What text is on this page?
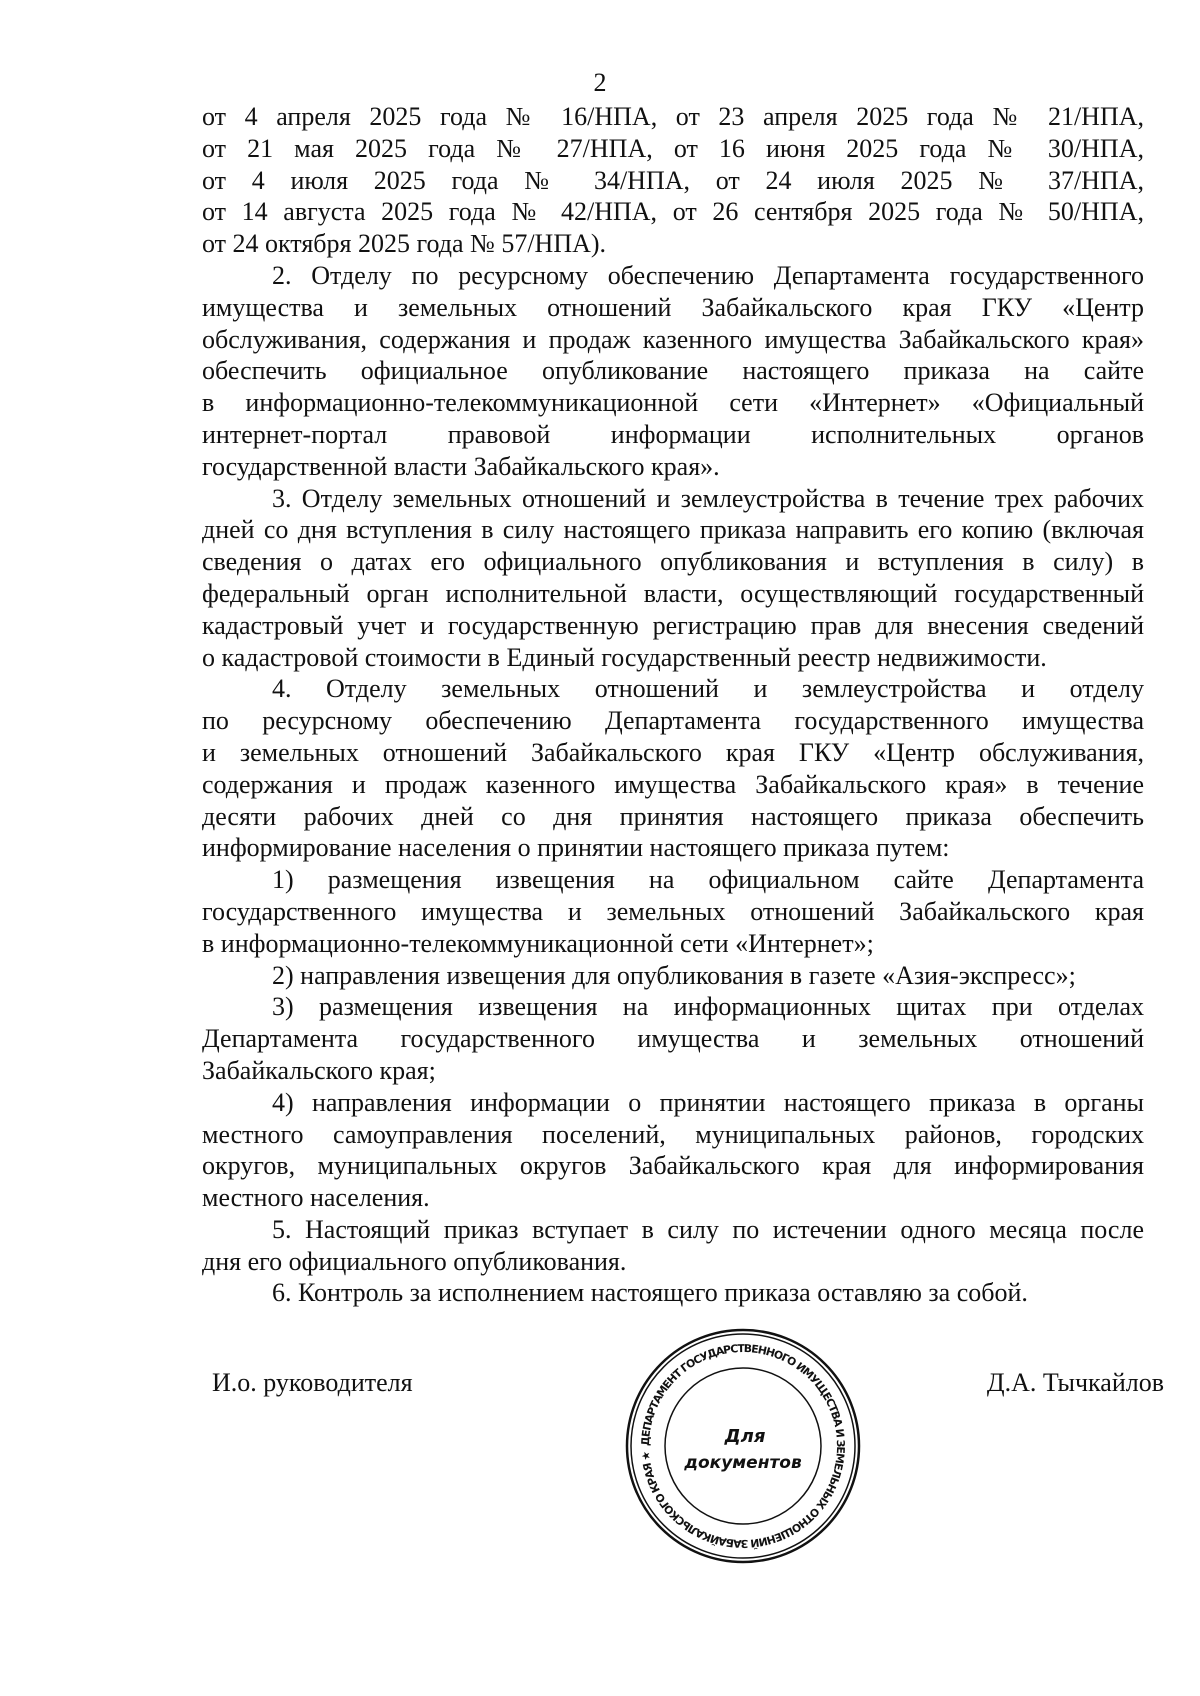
2
от 4 апреля 2025 года № 16/НПА, от 23 апреля 2025 года № 21/НПА,
от 21 мая 2025 года № 27/НПА, от 16 июня 2025 года № 30/НПА,
от 4 июля 2025 года № 34/НПА, от 24 июля 2025 № 37/НПА,
от 14 августа 2025 года № 42/НПА, от 26 сентября 2025 года № 50/НПА,
от 24 октября 2025 года № 57/НПА).
2. Отделу по ресурсному обеспечению Департамента государственного
имущества и земельных отношений Забайкальского края ГКУ «Центр
обслуживания, содержания и продаж казенного имущества Забайкальского края»
обеспечить официальное опубликование настоящего приказа на сайте
в информационно-телекоммуникационной сети «Интернет» «Официальный
интернет-портал правовой информации исполнительных органов
государственной власти Забайкальского края».
3. Отделу земельных отношений и землеустройства в течение трех рабочих
дней со дня вступления в силу настоящего приказа направить его копию (включая
сведения о датах его официального опубликования и вступления в силу) в
федеральный орган исполнительной власти, осуществляющий государственный
кадастровый учет и государственную регистрацию прав для внесения сведений
о кадастровой стоимости в Единый государственный реестр недвижимости.
4. Отделу земельных отношений и землеустройства и отделу
по ресурсному обеспечению Департамента государственного имущества
и земельных отношений Забайкальского края ГКУ «Центр обслуживания,
содержания и продаж казенного имущества Забайкальского края» в течение
десяти рабочих дней со дня принятия настоящего приказа обеспечить
информирование населения о принятии настоящего приказа путем:
1) размещения извещения на официальном сайте Департамента
государственного имущества и земельных отношений Забайкальского края
в информационно-телекоммуникационной сети «Интернет»;
2) направления извещения для опубликования в газете «Азия-экспресс»;
3) размещения извещения на информационных щитах при отделах
Департамента государственного имущества и земельных отношений
Забайкальского края;
4) направления информации о принятии настоящего приказа в органы
местного самоуправления поселений, муниципальных районов, городских
округов, муниципальных округов Забайкальского края для информирования
местного населения.
5. Настоящий приказ вступает в силу по истечении одного месяца после
дня его официального опубликования.
6. Контроль за исполнением настоящего приказа оставляю за собой.
И.о. руководителя	Д.А. Тычкайлов
ДЕПАРТАМЕНТ ГОСУДАРСТВЕННОГО ИМУЩЕСТВА И ЗЕМЕЛЬНЫХ ОТНОШЕНИЙ ЗАБАЙКАЛЬСКОГО КРАЯ ★
Для
документов
